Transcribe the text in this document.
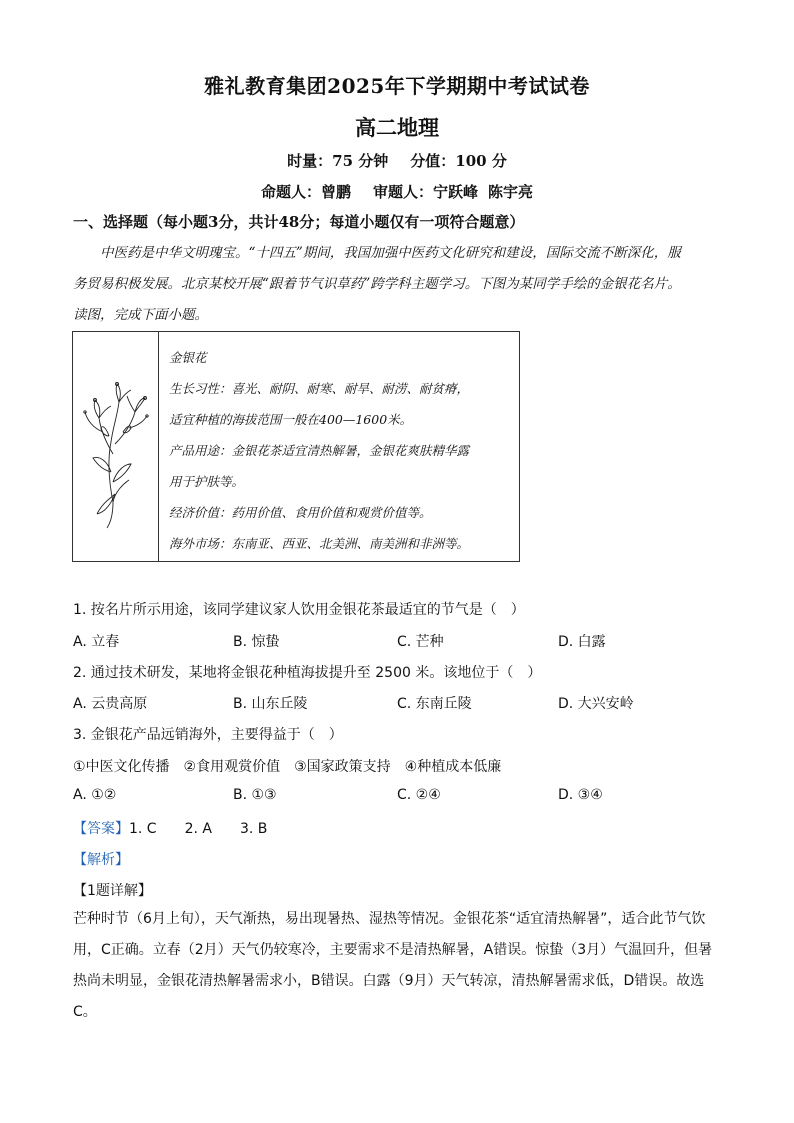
雅礼教育集团2025年下学期期中考试试卷
高二地理
时量：75 分钟 分值：100 分
命题人：曾鹏 审题人：宁跃峰 陈宇亮
一、选择题（每小题3分，共计48分；每道小题仅有一项符合题意）

中医药是中华文明瑰宝。“十四五”期间，我国加强中医药文化研究和建设，国际交流不断深化，服

务贸易积极发展。北京某校开展“跟着节气识草药”跨学科主题学习。下图为某同学手绘的金银花名片。

读图，完成下面小题。

金银花
生长习性：喜光、耐阴、耐寒、耐旱、耐涝、耐贫瘠，
适宜种植的海拔范围一般在400—1600米。
产品用途：金银花茶适宜清热解暑，金银花爽肤精华露
用于护肤等。
经济价值：药用价值、食用价值和观赏价值等。
海外市场：东南亚、西亚、北美洲、南美洲和非洲等。
1. 按名片所示用途，该同学建议家人饮用金银花茶最适宜的节气是（　）
A. 立春	B. 惊蛰	C. 芒种	D. 白露
2. 通过技术研发，某地将金银花种植海拔提升至 2500 米。该地位于（　）
A. 云贵高原	B. 山东丘陵	C. 东南丘陵	D. 大兴安岭
3. 金银花产品远销海外，主要得益于（　）
①中医文化传播　②食用观赏价值　③国家政策支持　④种植成本低廉
A. ①②	B. ①③	C. ②④	D. ③④
【答案】1. C　　2. A　　3. B
【解析】
【1题详解】

芒种时节（6月上旬），天气渐热，易出现暑热、湿热等情况。金银花茶“适宜清热解暑”，适合此节气饮

用，C正确。立春（2月）天气仍较寒冷，主要需求不是清热解暑，A错误。惊蛰（3月）气温回升，但暑

热尚未明显，金银花清热解暑需求小，B错误。白露（9月）天气转凉，清热解暑需求低，D错误。故选

C。
